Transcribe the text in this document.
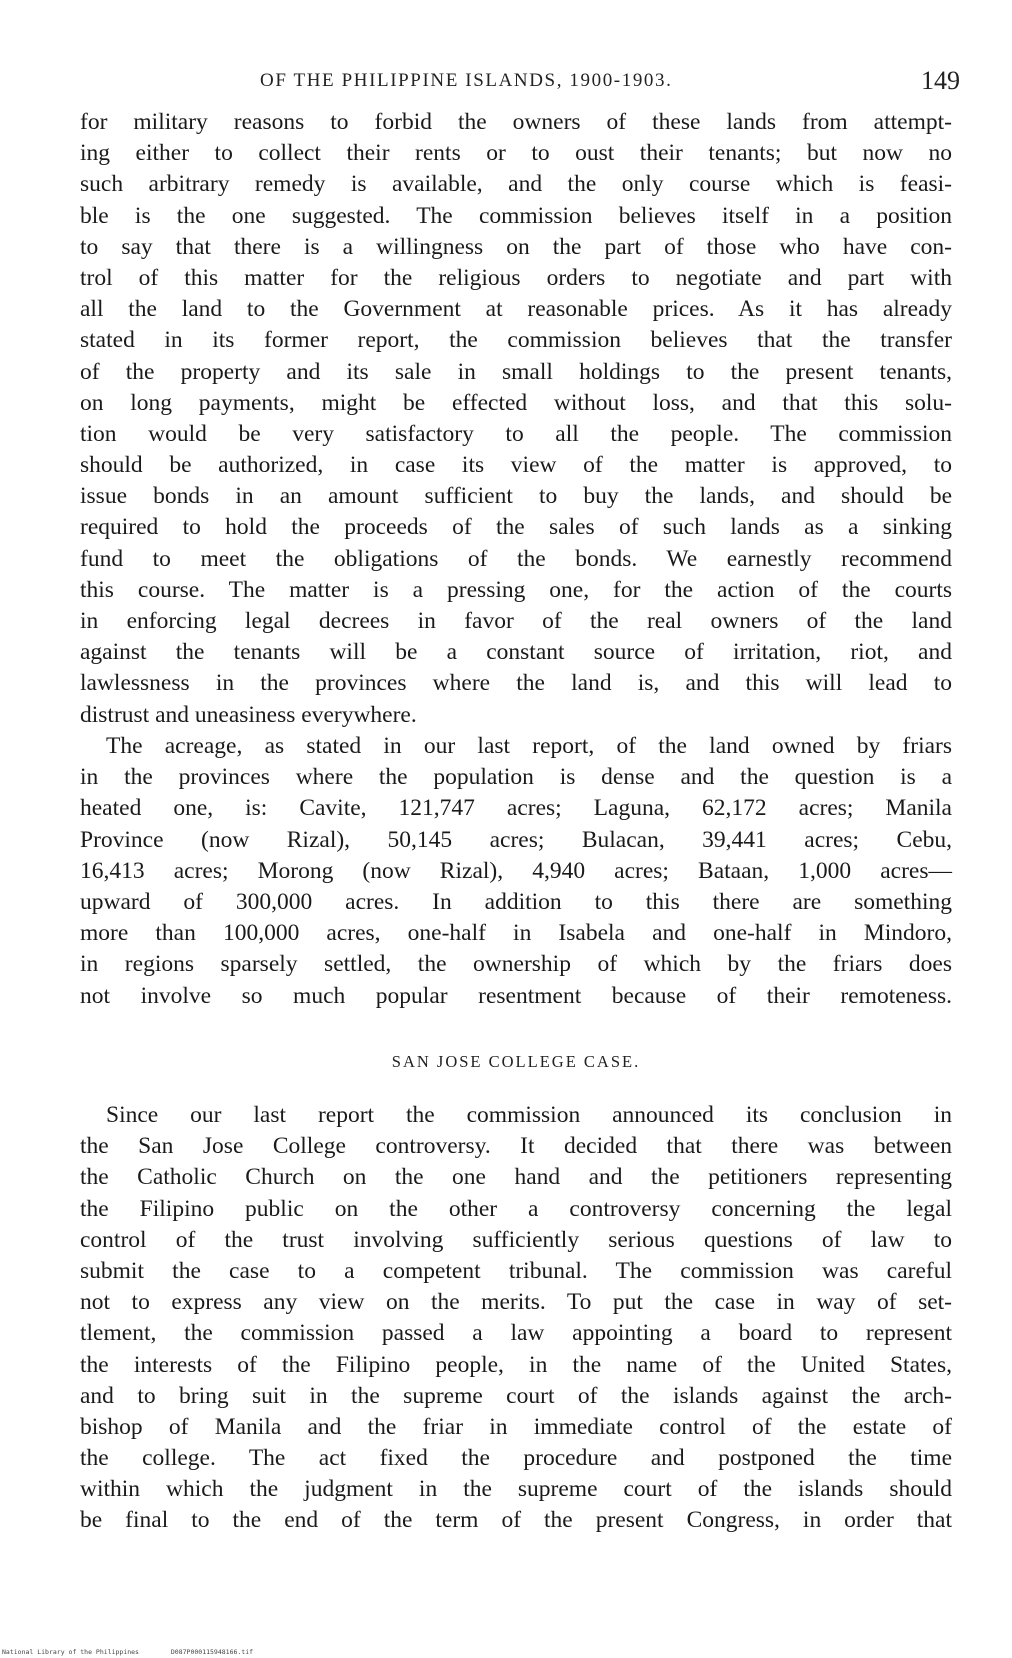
OF THE PHILIPPINE ISLANDS, 1900-1903.	149
for military reasons to forbid the owners of these lands from attempt-
ing either to collect their rents or to oust their tenants; but now no
such arbitrary remedy is available, and the only course which is feasi-
ble is the one suggested. The commission believes itself in a position
to say that there is a willingness on the part of those who have con-
trol of this matter for the religious orders to negotiate and part with
all the land to the Government at reasonable prices. As it has already
stated in its former report, the commission believes that the transfer
of the property and its sale in small holdings to the present tenants,
on long payments, might be effected without loss, and that this solu-
tion would be very satisfactory to all the people. The commission
should be authorized, in case its view of the matter is approved, to
issue bonds in an amount sufficient to buy the lands, and should be
required to hold the proceeds of the sales of such lands as a sinking
fund to meet the obligations of the bonds. We earnestly recommend
this course. The matter is a pressing one, for the action of the courts
in enforcing legal decrees in favor of the real owners of the land
against the tenants will be a constant source of irritation, riot, and
lawlessness in the provinces where the land is, and this will lead to
distrust and uneasiness everywhere.
The acreage, as stated in our last report, of the land owned by friars
in the provinces where the population is dense and the question is a
heated one, is: Cavite, 121,747 acres; Laguna, 62,172 acres; Manila
Province (now Rizal), 50,145 acres; Bulacan, 39,441 acres; Cebu,
16,413 acres; Morong (now Rizal), 4,940 acres; Bataan, 1,000 acres—
upward of 300,000 acres. In addition to this there are something
more than 100,000 acres, one-half in Isabela and one-half in Mindoro,
in regions sparsely settled, the ownership of which by the friars does
not involve so much popular resentment because of their remoteness.
SAN JOSE COLLEGE CASE.
Since our last report the commission announced its conclusion in
the San Jose College controversy. It decided that there was between
the Catholic Church on the one hand and the petitioners representing
the Filipino public on the other a controversy concerning the legal
control of the trust involving sufficiently serious questions of law to
submit the case to a competent tribunal. The commission was careful
not to express any view on the merits. To put the case in way of set-
tlement, the commission passed a law appointing a board to represent
the interests of the Filipino people, in the name of the United States,
and to bring suit in the supreme court of the islands against the arch-
bishop of Manila and the friar in immediate control of the estate of
the college. The act fixed the procedure and postponed the time
within which the judgment in the supreme court of the islands should
be final to the end of the term of the present Congress, in order that
National Library of the Philippines	D087P000115948166.tif
